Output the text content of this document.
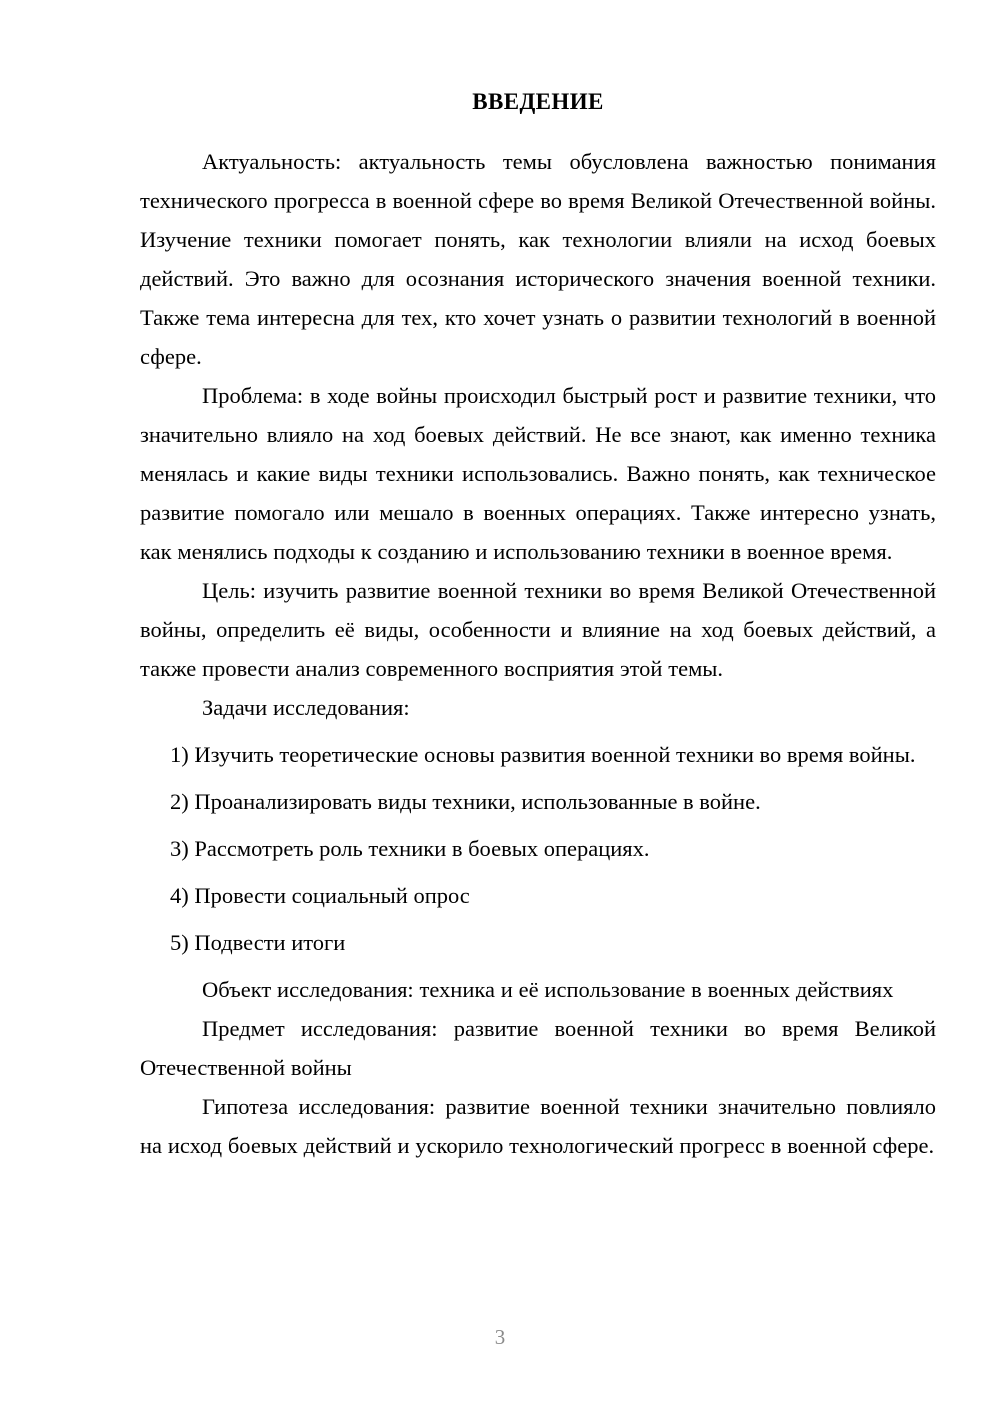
ВВЕДЕНИЕ

Актуальность: актуальность темы обусловлена важностью понимания технического прогресса в военной сфере во время Великой Отечественной войны. Изучение техники помогает понять, как технологии влияли на исход боевых действий. Это важно для осознания исторического значения военной техники. Также тема интересна для тех, кто хочет узнать о развитии технологий в военной сфере.

Проблема: в ходе войны происходил быстрый рост и развитие техники, что значительно влияло на ход боевых действий. Не все знают, как именно техника менялась и какие виды техники использовались. Важно понять, как техническое развитие помогало или мешало в военных операциях. Также интересно узнать, как менялись подходы к созданию и использованию техники в военное время.

Цель: изучить развитие военной техники во время Великой Отечественной войны, определить её виды, особенности и влияние на ход боевых действий, а также провести анализ современного восприятия этой темы.

Задачи исследования:

1) Изучить теоретические основы развития военной техники во время войны.

2) Проанализировать виды техники, использованные в войне.

3) Рассмотреть роль техники в боевых операциях.

4) Провести социальный опрос

5) Подвести итоги

Объект исследования: техника и её использование в военных действиях

Предмет исследования: развитие военной техники во время Великой Отечественной войны

Гипотеза исследования: развитие военной техники значительно повлияло на исход боевых действий и ускорило технологический прогресс в военной сфере.

3
